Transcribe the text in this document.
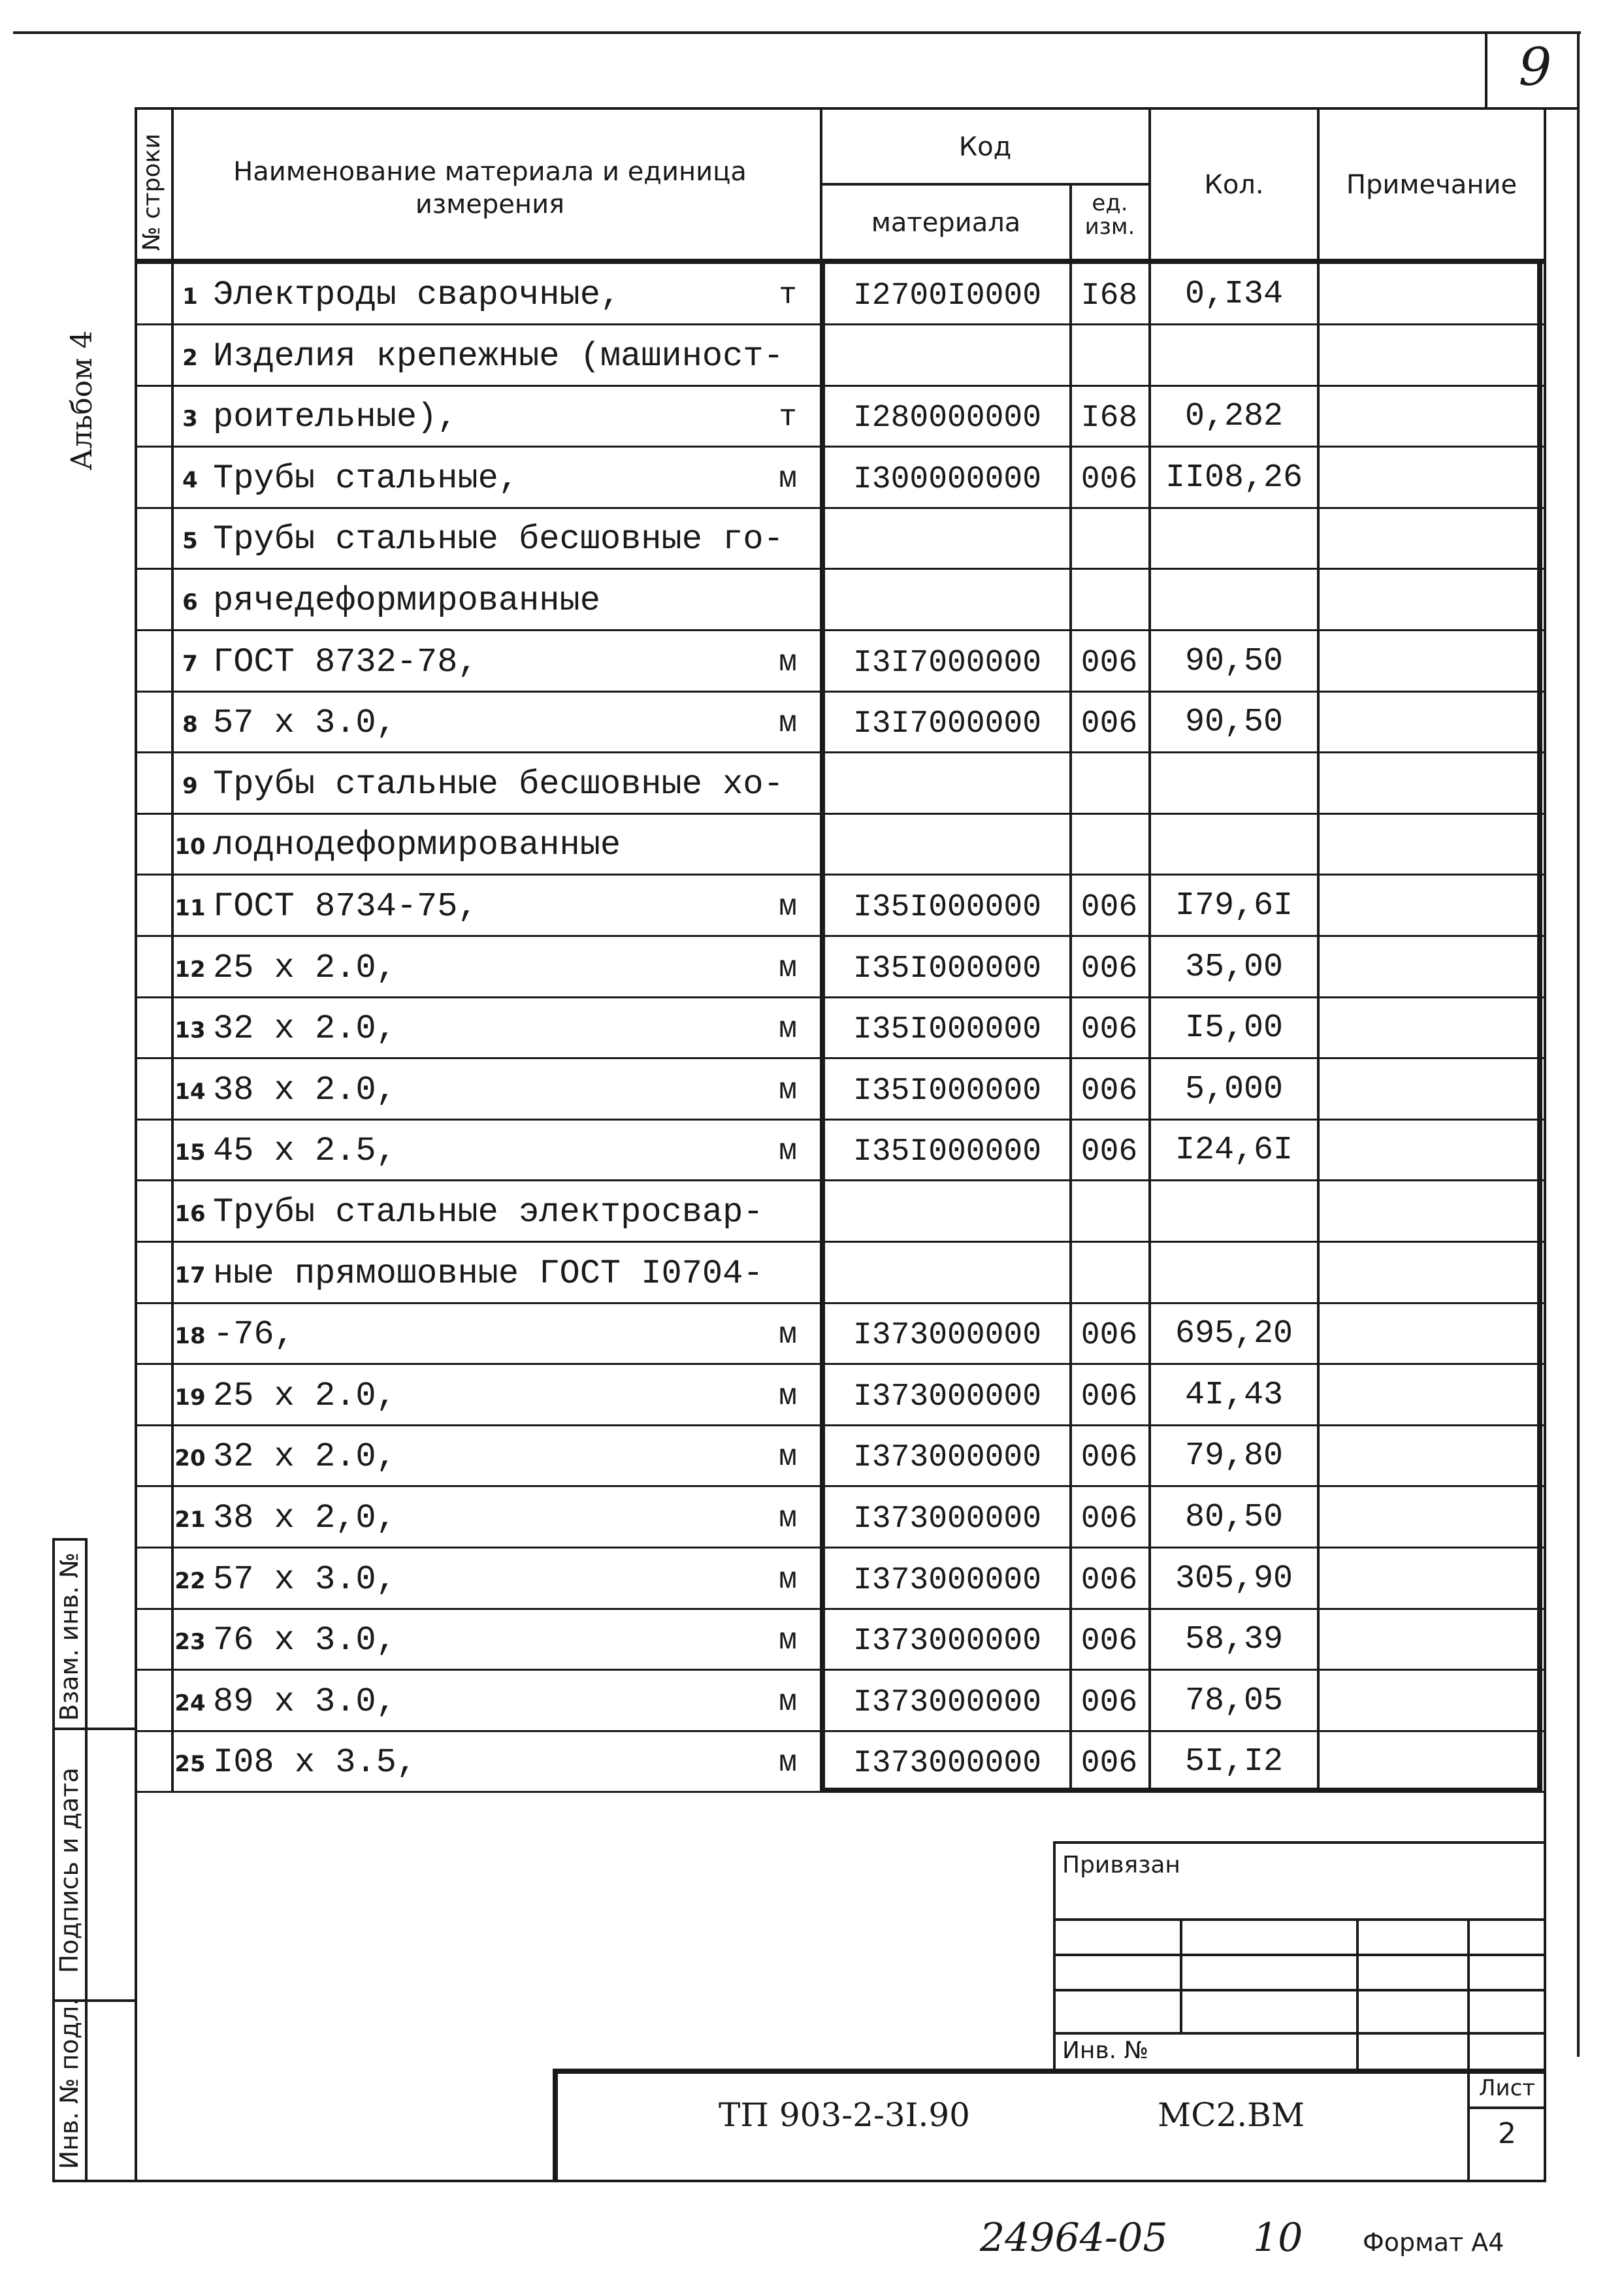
9
Альбом 4
№ строки	Наименование материала и единица измерения
Код
материала
ед. изм.
Кол.	Примечание
1 Электроды сварочные,	т	I2700I0000	I68	0,I34
2 Изделия крепежные (машиност-
3 роительные),	т	I280000000	I68	0,282
4 Трубы стальные,	м	I300000000	006 II08,26
5 Трубы стальные бесшовные го-
6 рячедеформированные
7 ГОСТ 8732-78,	м	I3I7000000	006	90,50
8 57 х 3.0,	м	I3I7000000	006	90,50
9 Трубы стальные бесшовные хо-
10 лоднодеформированные
11 ГОСТ 8734-75,	м	I35I000000	006	I79,6I
12 25 х 2.0,	м	I35I000000	006	35,00
13 32 х 2.0,	м	I35I000000	006	I5,00
14 38 х 2.0,	м	I35I000000	006	5,000
15 45 х 2.5,	м	I35I000000	006	I24,6I
16 Трубы стальные электросвар-
17 ные прямошовные ГОСТ I0704-
18 -76,	м	I373000000	006	695,20
19 25 х 2.0,	м	I373000000	006	4I,43
20 32 х 2.0,	м	I373000000	006	79,80
21 38 х 2,0,	м	I373000000	006	80,50
22 57 х 3.0,	м	I373000000	006	305,90
23 76 х 3.0,	м	I373000000	006	58,39
24 89 х 3.0,	м	I373000000	006	78,05
25 I08 х 3.5,	м	I373000000	006	5I,I2
Взам. инв. №
Подпись и дата
Инв. № подл.
Привязан
Инв. №
ТП 903-2-3I.90	МС2.ВМ
Лист
2
24964-05 10 Формат А4
